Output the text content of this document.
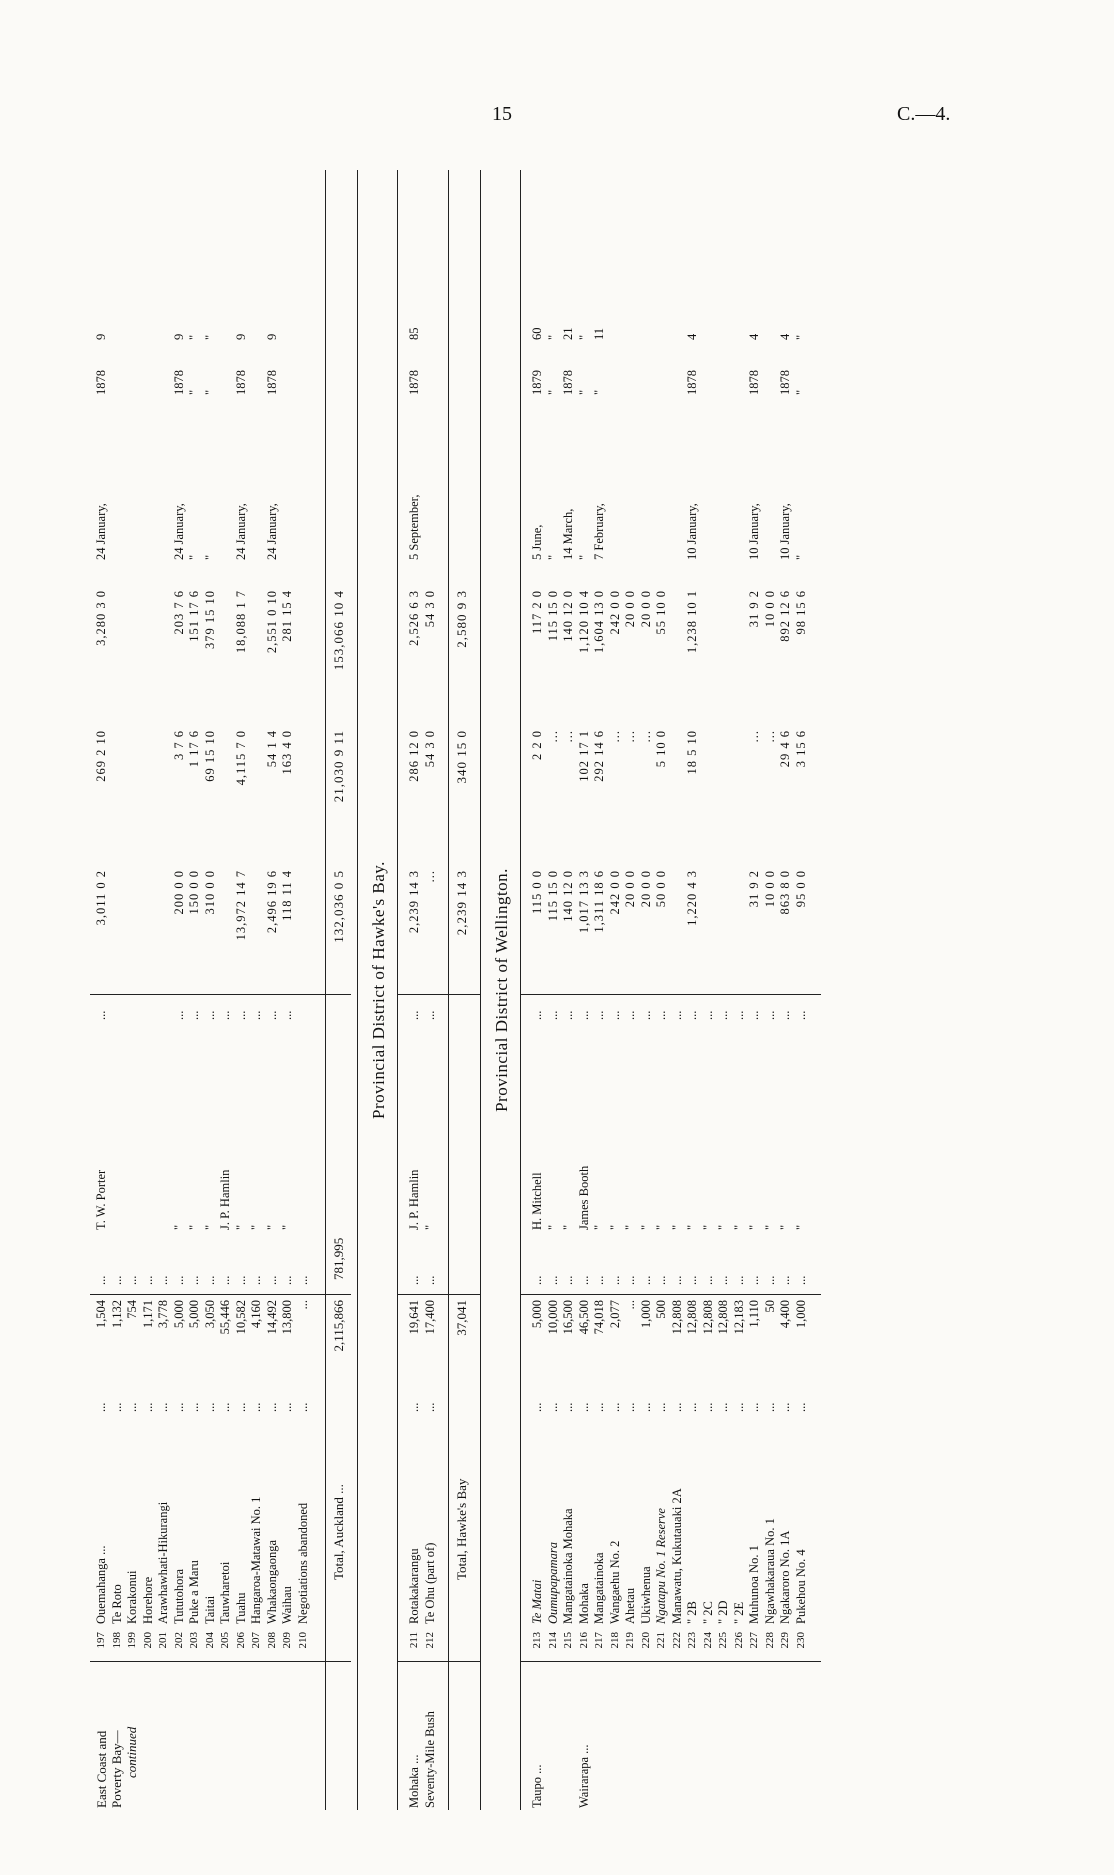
15	C.—4.
East Coast and Poverty Bay— continued
197
Ouemahanga ...
1,504
T. W. Porter
3,011 0 2
269 2 10
3,280 3 0
24 January,
1878
9
...
...
...
198
Te Roto
1,132
...
...
199
Korakonui
754
...
...
200
Horehore
1,171
...
...
201
Arawhawhati-Hikurangi
3,778
...
...
202
Tututohora
5,000
"
200 0 0
3 7 6
203 7 6
24 January,
1878
9
...
...
...
203
Puke a Maru
5,000
"
150 0 0
1 17 6
151 17 6
"
"
"
...
...
...
204
Taitai
3,050
"
310 0 0
69 15 10
379 15 10
"
"
"
...
...
...
205
Tauwharetoi
55,446
J. P. Hamlin
...
...
...
206
Tuahu
10,582
"
13,972 14 7
4,115 7 0
18,088 1 7
24 January,
1878
9
...
...
...
207
Hangaroa-Matawai No. 1
4,160
"
...
...
...
208
Whakaongaonga
14,492
"
2,496 19 6
54 1 4
2,551 0 10
24 January,
1878
9
...
...
...
209
Waihau
13,800
"
118 11 4
163 4 0
281 15 4
...
...
...
210
Negotiations abandoned
...
...
...
Total, Auckland ...
2,115,866
781,995
132,036 0 5
21,030 9 11
153,066 10 4
Provincial District of Hawke's Bay.
Mohaka ...
211
Rotakakarangu
19,641
J. P. Hamlin
2,239 14 3
286 12 0
2,526 6 3
5 September,
1878
85
...
...
...
Seventy-Mile Bush
212
Te Ohu (part of)
17,400
"
...
54 3 0
54 3 0
...
...
...
Total, Hawke's Bay
37,041
2,239 14 3
340 15 0
2,580 9 3
Provincial District of Wellington.
Taupo ...
213
Te Matai
5,000
H. Mitchell
115 0 0
2 2 0
117 2 0
5 June,
1879
60
...
...
...
214
Oumupapamara
10,000
"
115 15 0
...
115 15 0
"
"
"
...
...
...
215
Mangatainoka Mohaka
16,500
"
140 12 0
...
140 12 0
14 March,
1878
21
...
...
...
Wairarapa ...
216
Mohaka
46,500
James Booth
1,017 13 3
102 17 1
1,120 10 4
"
"
"
...
...
...
217
Mangatainoka
74,018
"
1,311 18 6
292 14 6
1,604 13 0
7 February,
"
11
...
...
...
218
Wangaehu No. 2
2,077
"
242 0 0
...
242 0 0
...
...
...
219
Ahetau
...
"
20 0 0
...
20 0 0
...
...
...
220
Ukiwhenua
1,000
"
20 0 0
...
20 0 0
...
...
...
221
Ngatapu No. 1 Reserve
500
"
50 0 0
5 10 0
55 10 0
...
...
...
222
Manawatu, Kukutauaki 2A
12,808
"
...
...
...
223
" 2B
12,808
"
1,220 4 3
18 5 10
1,238 10 1
10 January,
1878
4
...
...
...
224
" 2C
12,808
"
...
...
...
225
" 2D
12,808
"
...
...
...
226
" 2E
12,183
"
...
...
...
227
Muhunoa No. 1
1,110
"
31 9 2
...
31 9 2
10 January,
1878
4
...
...
...
228
Ngawhakaraua No. 1
50
"
10 0 0
...
10 0 0
...
...
...
229
Ngakaroro No. 1A
4,400
"
863 8 0
29 4 6
892 12 6
10 January,
1878
4
...
...
...
230
Pukehou No. 4
1,000
"
95 0 0
3 15 6
98 15 6
"
"
"
...
...
...
